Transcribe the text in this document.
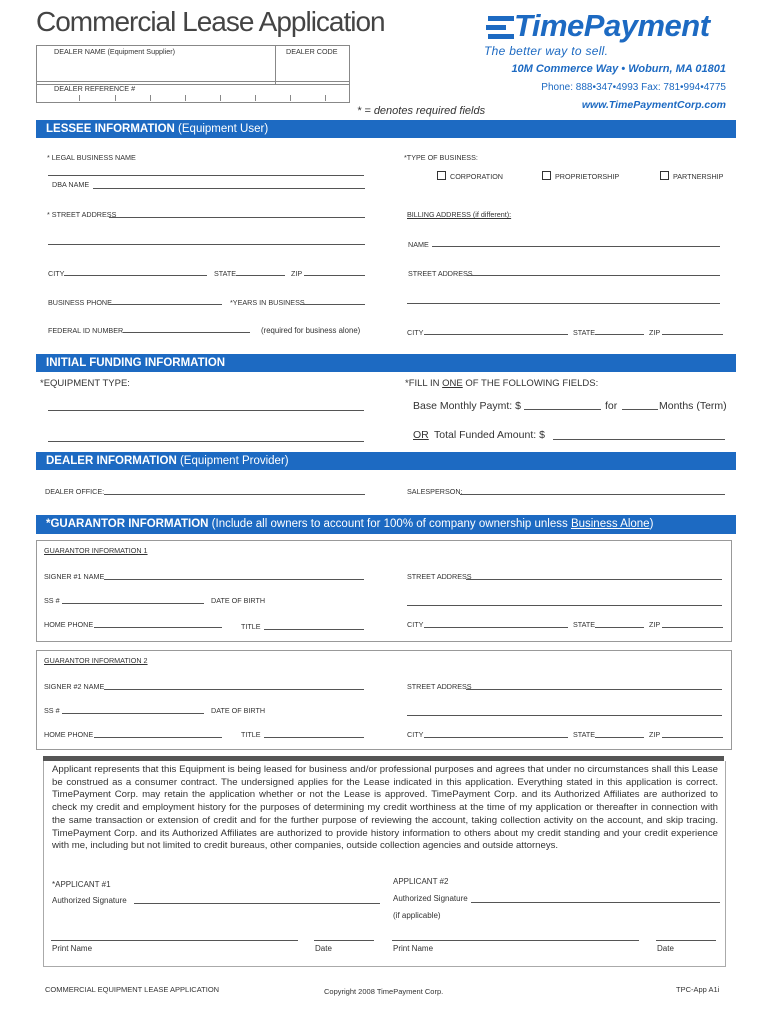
Commercial Lease Application
DEALER NAME (Equipment Supplier)	DEALER CODE
DEALER REFERENCE #
* = denotes required fields
TimePayment
The better way to sell.
10M Commerce Way • Woburn, MA 01801
Phone: 888•347•4993 Fax: 781•994•4775
www.TimePaymentCorp.com
LESSEE INFORMATION (Equipment User)
* LEGAL BUSINESS NAME
DBA NAME
* STREET ADDRESS
CITY	STATE	ZIP
BUSINESS PHONE	*YEARS IN BUSINESS
FEDERAL ID NUMBER	(required for business alone)
*TYPE OF BUSINESS:
CORPORATION	PROPRIETORSHIP	PARTNERSHIP
BILLING ADDRESS (if different):
NAME
STREET ADDRESS
CITY	STATE	ZIP
INITIAL FUNDING INFORMATION
*EQUIPMENT TYPE:	*FILL IN ONE OF THE FOLLOWING FIELDS:
Base Monthly Paymt: $	for	Months (Term)
OR Total Funded Amount: $
DEALER INFORMATION (Equipment Provider)
DEALER OFFICE:	SALESPERSON:
*GUARANTOR INFORMATION (Include all owners to account for 100% of company ownership unless Business Alone)
GUARANTOR INFORMATION 1
SIGNER #1 NAME
SS #	DATE OF BIRTH
HOME PHONE	TITLE
STREET ADDRESS
CITY	STATE	ZIP
GUARANTOR INFORMATION 2
SIGNER #2 NAME
SS #	DATE OF BIRTH
HOME PHONE	TITLE
STREET ADDRESS
CITY	STATE	ZIP
Applicant represents that this Equipment is being leased for business and/or professional purposes and agrees that under no circumstances shall this Lease be construed as a consumer contract. The undersigned applies for the Lease indicated in this application. Everything stated in this application is correct. TimePayment Corp. may retain the application whether or not the Lease is approved. TimePayment Corp. and its Authorized Affiliates are authorized to check my credit and employment history for the purposes of determining my credit worthiness at the time of my application or thereafter in connection with the same transaction or extension of credit and for the further purpose of reviewing the account, taking collection activity on the account, and skip tracing. TimePayment Corp. and its Authorized Affiliates are authorized to provide history information to others about my credit standing and your credit experience with me, including but not limited to credit bureaus, other companies, outside collection agencies and outside attorneys.
*APPLICANT #1	APPLICANT #2
Authorized Signature	Authorized Signature
(if applicable)
Print Name	Date	Print Name	Date
COMMERCIAL EQUIPMENT LEASE APPLICATION	Copyright 2008 TimePayment Corp.	TPC-App A1i
